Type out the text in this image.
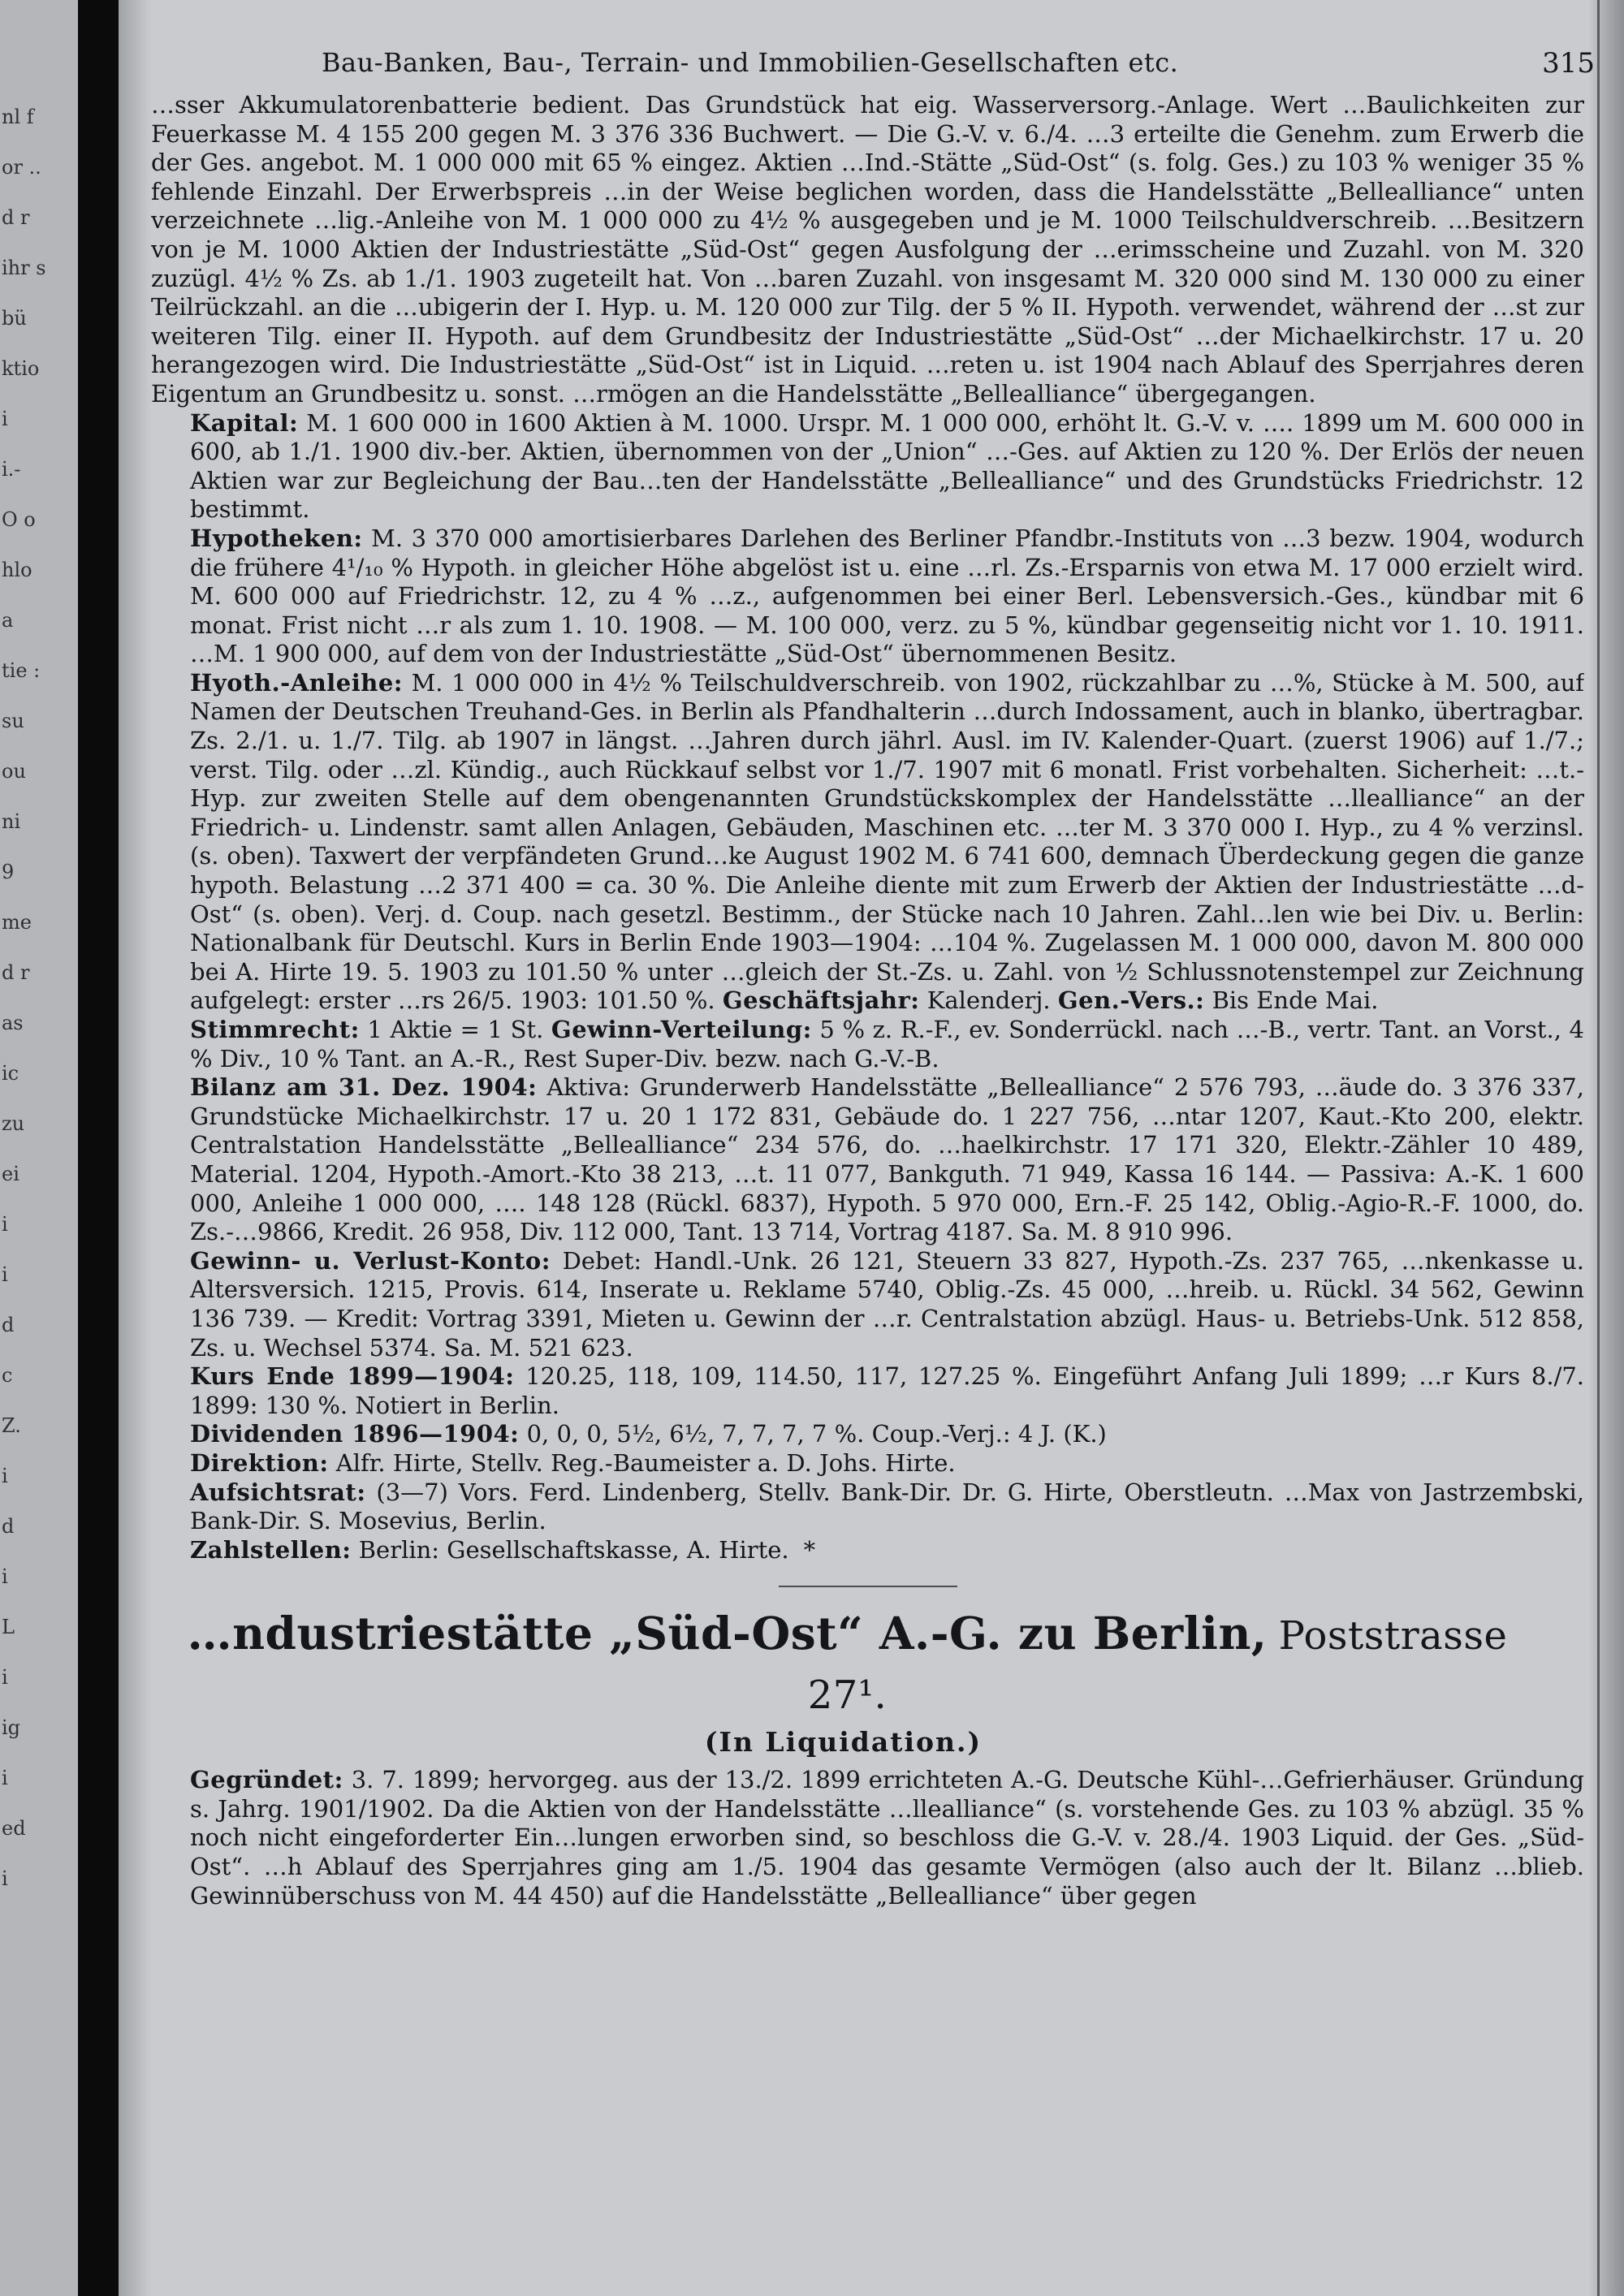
nl f
or ..
d r
ihr s
bü
ktio
i
i.-
O o
hlo
a
tie :
su
ou
ni
9
me
d r
as
ic
zu
ei
i
i
d
c
Z.
i
d
i
L
i
ig
i
ed
i
Bau-Banken, Bau-, Terrain- und Immobilien-Gesellschaften etc.	315

…sser Akkumulatorenbatterie bedient. Das Grundstück hat eig. Wasserversorg.-Anlage. Wert …Baulichkeiten zur Feuerkasse M. 4 155 200 gegen M. 3 376 336 Buchwert. — Die G.-V. v. 6./4. …3 erteilte die Genehm. zum Erwerb die der Ges. angebot. M. 1 000 000 mit 65 % eingez. Aktien …Ind.-Stätte „Süd-Ost“ (s. folg. Ges.) zu 103 % weniger 35 % fehlende Einzahl. Der Erwerbspreis …in der Weise beglichen worden, dass die Handelsstätte „Bellealliance“ unten verzeichnete …lig.-Anleihe von M. 1 000 000 zu 4½ % ausgegeben und je M. 1000 Teilschuldverschreib. …Besitzern von je M. 1000 Aktien der Industriestätte „Süd-Ost“ gegen Ausfolgung der …erimsscheine und Zuzahl. von M. 320 zuzügl. 4½ % Zs. ab 1./1. 1903 zugeteilt hat. Von …baren Zuzahl. von insgesamt M. 320 000 sind M. 130 000 zu einer Teilrückzahl. an die …ubigerin der I. Hyp. u. M. 120 000 zur Tilg. der 5 % II. Hypoth. verwendet, während der …st zur weiteren Tilg. einer II. Hypoth. auf dem Grundbesitz der Industriestätte „Süd-Ost“ …der Michaelkirchstr. 17 u. 20 herangezogen wird. Die Industriestätte „Süd-Ost“ ist in Liquid. …reten u. ist 1904 nach Ablauf des Sperrjahres deren Eigentum an Grundbesitz u. sonst. …rmögen an die Handelsstätte „Bellealliance“ übergegangen.

Kapital: M. 1 600 000 in 1600 Aktien à M. 1000. Urspr. M. 1 000 000, erhöht lt. G.-V. v. …. 1899 um M. 600 000 in 600, ab 1./1. 1900 div.-ber. Aktien, übernommen von der „Union“ …-Ges. auf Aktien zu 120 %. Der Erlös der neuen Aktien war zur Begleichung der Bau…ten der Handelsstätte „Bellealliance“ und des Grundstücks Friedrichstr. 12 bestimmt.

Hypotheken: M. 3 370 000 amortisierbares Darlehen des Berliner Pfandbr.-Instituts von …3 bezw. 1904, wodurch die frühere 4¹/₁₀ % Hypoth. in gleicher Höhe abgelöst ist u. eine …rl. Zs.-Ersparnis von etwa M. 17 000 erzielt wird. M. 600 000 auf Friedrichstr. 12, zu 4 % …z., aufgenommen bei einer Berl. Lebensversich.-Ges., kündbar mit 6 monat. Frist nicht …r als zum 1. 10. 1908. — M. 100 000, verz. zu 5 %, kündbar gegenseitig nicht vor 1. 10. 1911. …M. 1 900 000, auf dem von der Industriestätte „Süd-Ost“ übernommenen Besitz.

Hyoth.-Anleihe: M. 1 000 000 in 4½ % Teilschuldverschreib. von 1902, rückzahlbar zu …%, Stücke à M. 500, auf Namen der Deutschen Treuhand-Ges. in Berlin als Pfandhalterin …durch Indossament, auch in blanko, übertragbar. Zs. 2./1. u. 1./7. Tilg. ab 1907 in längst. …Jahren durch jährl. Ausl. im IV. Kalender-Quart. (zuerst 1906) auf 1./7.; verst. Tilg. oder …zl. Kündig., auch Rückkauf selbst vor 1./7. 1907 mit 6 monatl. Frist vorbehalten. Sicherheit: …t.-Hyp. zur zweiten Stelle auf dem obengenannten Grundstückskomplex der Handelsstätte …llealliance“ an der Friedrich- u. Lindenstr. samt allen Anlagen, Gebäuden, Maschinen etc. …ter M. 3 370 000 I. Hyp., zu 4 % verzinsl. (s. oben). Taxwert der verpfändeten Grund…ke August 1902 M. 6 741 600, demnach Überdeckung gegen die ganze hypoth. Belastung …2 371 400 = ca. 30 %. Die Anleihe diente mit zum Erwerb der Aktien der Industriestätte …d-Ost“ (s. oben). Verj. d. Coup. nach gesetzl. Bestimm., der Stücke nach 10 Jahren. Zahl…len wie bei Div. u. Berlin: Nationalbank für Deutschl. Kurs in Berlin Ende 1903—1904: …104 %. Zugelassen M. 1 000 000, davon M. 800 000 bei A. Hirte 19. 5. 1903 zu 101.50 % unter …gleich der St.-Zs. u. Zahl. von ½ Schlussnotenstempel zur Zeichnung aufgelegt: erster …rs 26/5. 1903: 101.50 %. Geschäftsjahr: Kalenderj. Gen.-Vers.: Bis Ende Mai.

Stimmrecht: 1 Aktie = 1 St. Gewinn-Verteilung: 5 % z. R.-F., ev. Sonderrückl. nach …-B., vertr. Tant. an Vorst., 4 % Div., 10 % Tant. an A.-R., Rest Super-Div. bezw. nach G.-V.-B.

Bilanz am 31. Dez. 1904: Aktiva: Grunderwerb Handelsstätte „Bellealliance“ 2 576 793, …äude do. 3 376 337, Grundstücke Michaelkirchstr. 17 u. 20 1 172 831, Gebäude do. 1 227 756, …ntar 1207, Kaut.-Kto 200, elektr. Centralstation Handelsstätte „Bellealliance“ 234 576, do. …haelkirchstr. 17 171 320, Elektr.-Zähler 10 489, Material. 1204, Hypoth.-Amort.-Kto 38 213, …t. 11 077, Bankguth. 71 949, Kassa 16 144. — Passiva: A.-K. 1 600 000, Anleihe 1 000 000, …. 148 128 (Rückl. 6837), Hypoth. 5 970 000, Ern.-F. 25 142, Oblig.-Agio-R.-F. 1000, do. Zs.-…9866, Kredit. 26 958, Div. 112 000, Tant. 13 714, Vortrag 4187. Sa. M. 8 910 996.

Gewinn- u. Verlust-Konto: Debet: Handl.-Unk. 26 121, Steuern 33 827, Hypoth.-Zs. 237 765, …nkenkasse u. Altersversich. 1215, Provis. 614, Inserate u. Reklame 5740, Oblig.-Zs. 45 000, …hreib. u. Rückl. 34 562, Gewinn 136 739. — Kredit: Vortrag 3391, Mieten u. Gewinn der …r. Centralstation abzügl. Haus- u. Betriebs-Unk. 512 858, Zs. u. Wechsel 5374. Sa. M. 521 623.

Kurs Ende 1899—1904: 120.25, 118, 109, 114.50, 117, 127.25 %. Eingeführt Anfang Juli 1899; …r Kurs 8./7. 1899: 130 %. Notiert in Berlin.

Dividenden 1896—1904: 0, 0, 0, 5½, 6½, 7, 7, 7, 7 %. Coup.-Verj.: 4 J. (K.)

Direktion: Alfr. Hirte, Stellv. Reg.-Baumeister a. D. Johs. Hirte.

Aufsichtsrat: (3—7) Vors. Ferd. Lindenberg, Stellv. Bank-Dir. Dr. G. Hirte, Oberstleutn. …Max von Jastrzembski, Bank-Dir. S. Mosevius, Berlin.

Zahlstellen: Berlin: Gesellschaftskasse, A. Hirte. *

…ndustriestätte „Süd-Ost“ A.-G. zu Berlin, Poststrasse 27¹.
(In Liquidation.)

Gegründet: 3. 7. 1899; hervorgeg. aus der 13./2. 1899 errichteten A.-G. Deutsche Kühl-…Gefrierhäuser. Gründung s. Jahrg. 1901/1902. Da die Aktien von der Handelsstätte …llealliance“ (s. vorstehende Ges. zu 103 % abzügl. 35 % noch nicht eingeforderter Ein…lungen erworben sind, so beschloss die G.-V. v. 28./4. 1903 Liquid. der Ges. „Süd-Ost“. …h Ablauf des Sperrjahres ging am 1./5. 1904 das gesamte Vermögen (also auch der lt. Bilanz …blieb. Gewinnüberschuss von M. 44 450) auf die Handelsstätte „Bellealliance“ über gegen
